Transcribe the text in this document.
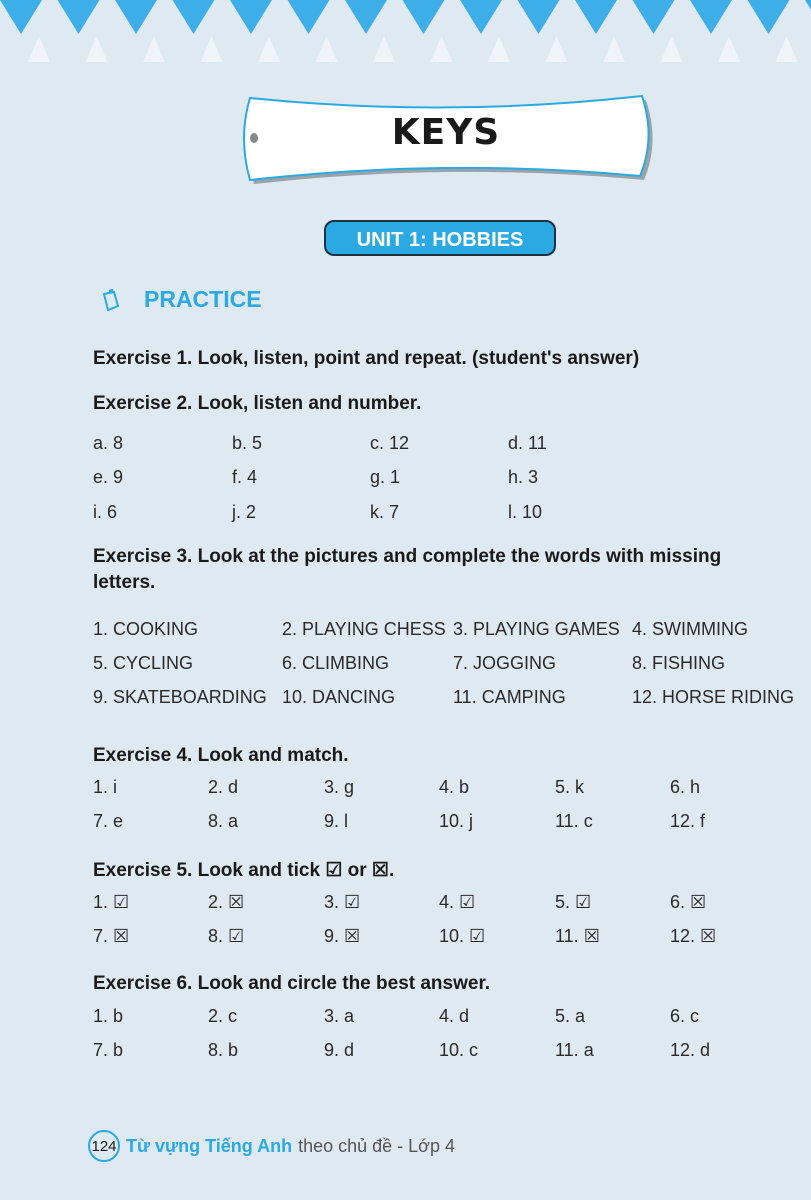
KEYS
UNIT 1: HOBBIES
PRACTICE
Exercise 1. Look, listen, point and repeat. (student's answer)
Exercise 2. Look, listen and number.
a. 8	b. 5	c. 12	d. 11
e. 9	f. 4	g. 1	h. 3
i. 6	j. 2	k. 7	l. 10
Exercise 3. Look at the pictures and complete the words with missing
letters.
1. COOKING	2. PLAYING CHESS 3. PLAYING GAMES 4. SWIMMING
5. CYCLING	6. CLIMBING	7. JOGGING	8. FISHING
9. SKATEBOARDING 10. DANCING	11. CAMPING	12. HORSE RIDING
Exercise 4. Look and match.
1. i	2. d	3. g	4. b	5. k	6. h
7. e	8. a	9. l	10. j	11. c	12. f
Exercise 5. Look and tick ☑ or ☒.
1. ☑	2. ☒	3. ☑	4. ☑	5. ☑	6. ☒
7. ☒	8. ☑	9. ☒	10. ☑	11. ☒	12. ☒
Exercise 6. Look and circle the best answer.
1. b	2. c	3. a	4. d	5. a	6. c
7. b	8. b	9. d	10. c	11. a	12. d
124 Từ vựng Tiếng Anh theo chủ đề - Lớp 4
